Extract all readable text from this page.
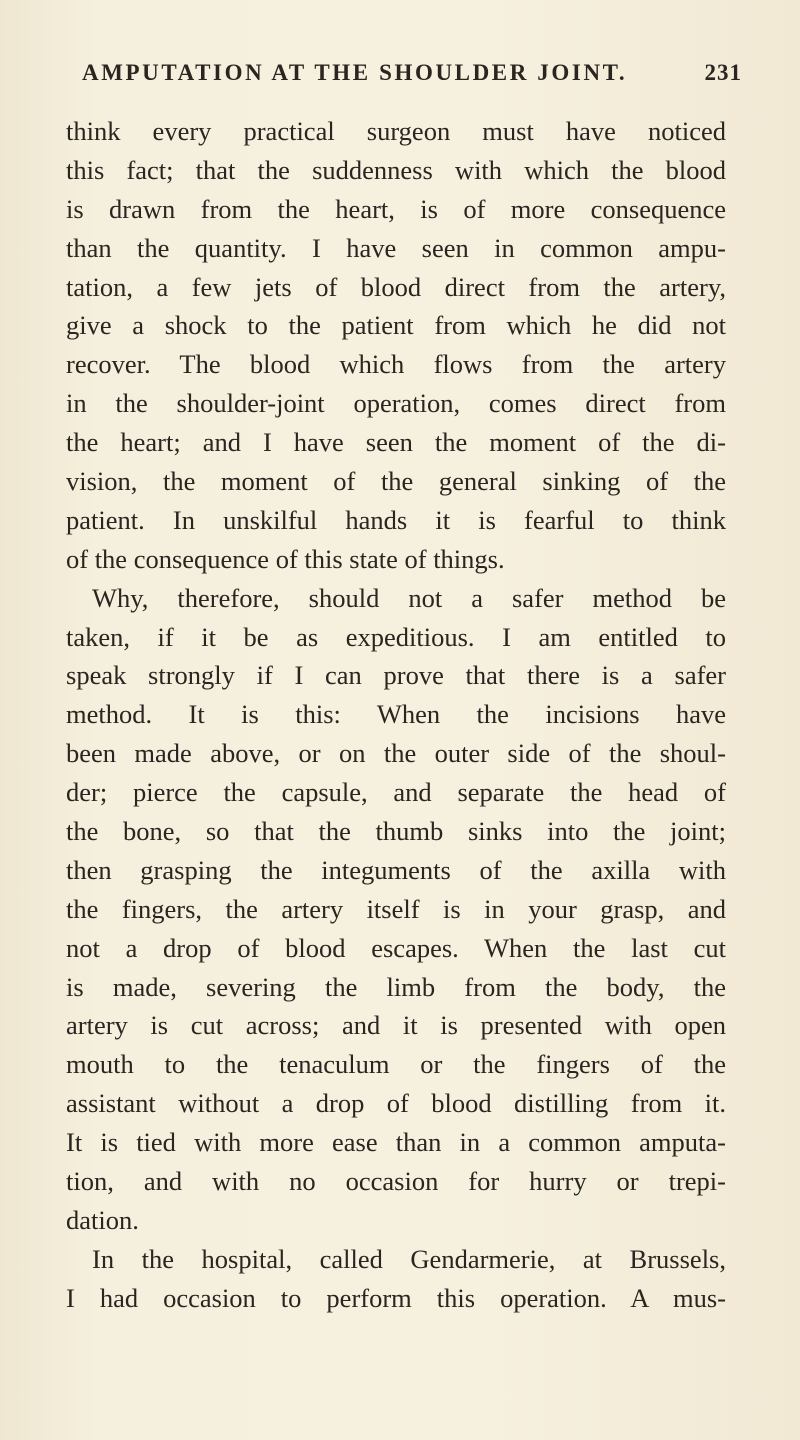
AMPUTATION AT THE SHOULDER JOINT.	231
think every practical surgeon must have noticed
this fact; that the suddenness with which the blood
is drawn from the heart, is of more consequence
than the quantity. I have seen in common ampu-
tation, a few jets of blood direct from the artery,
give a shock to the patient from which he did not
recover. The blood which flows from the artery
in the shoulder-joint operation, comes direct from
the heart; and I have seen the moment of the di-
vision, the moment of the general sinking of the
patient. In unskilful hands it is fearful to think
of the consequence of this state of things.
Why, therefore, should not a safer method be
taken, if it be as expeditious. I am entitled to
speak strongly if I can prove that there is a safer
method. It is this: When the incisions have
been made above, or on the outer side of the shoul-
der; pierce the capsule, and separate the head of
the bone, so that the thumb sinks into the joint;
then grasping the integuments of the axilla with
the fingers, the artery itself is in your grasp, and
not a drop of blood escapes. When the last cut
is made, severing the limb from the body, the
artery is cut across; and it is presented with open
mouth to the tenaculum or the fingers of the
assistant without a drop of blood distilling from it.
It is tied with more ease than in a common amputa-
tion, and with no occasion for hurry or trepi-
dation.
In the hospital, called Gendarmerie, at Brussels,
I had occasion to perform this operation. A mus-
